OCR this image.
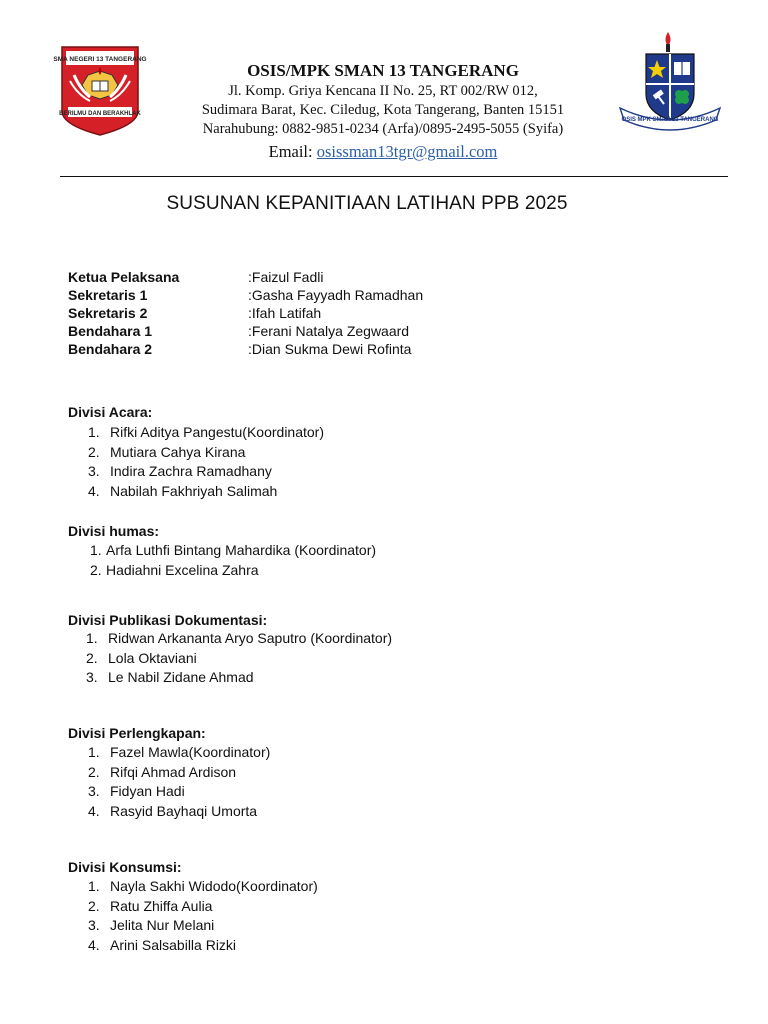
SMA NEGERI 13 TANGERANG
BERILMU DAN BERAKHLAK
OSIS MPK SMAN 13 TANGERANG
OSIS/MPK SMAN 13 TANGERANG
Jl. Komp. Griya Kencana II No. 25, RT 002/RW 012,
Sudimara Barat, Kec. Ciledug, Kota Tangerang, Banten 15151
Narahubung: 0882-9851-0234 (Arfa)/0895-2495-5055 (Syifa)
Email: osissman13tgr@gmail.com
SUSUNAN KEPANITIAAN LATIHAN PPB 2025
Ketua Pelaksana	:Faizul Fadli
Sekretaris 1	:Gasha Fayyadh Ramadhan
Sekretaris 2	:Ifah Latifah
Bendahara 1	:Ferani Natalya Zegwaard
Bendahara 2	:Dian Sukma Dewi Rofinta
Divisi Acara:
1. Rifki Aditya Pangestu(Koordinator)
2. Mutiara Cahya Kirana
3. Indira Zachra Ramadhany
4. Nabilah Fakhriyah Salimah
Divisi humas:
1. Arfa Luthfi Bintang Mahardika (Koordinator)
2. Hadiahni Excelina Zahra
Divisi Publikasi Dokumentasi:
1. Ridwan Arkananta Aryo Saputro (Koordinator)
2. Lola Oktaviani
3. Le Nabil Zidane Ahmad
Divisi Perlengkapan:
1. Fazel Mawla(Koordinator)
2. Rifqi Ahmad Ardison
3. Fidyan Hadi
4. Rasyid Bayhaqi Umorta
Divisi Konsumsi:
1. Nayla Sakhi Widodo(Koordinator)
2. Ratu Zhiffa Aulia
3. Jelita Nur Melani
4. Arini Salsabilla Rizki
